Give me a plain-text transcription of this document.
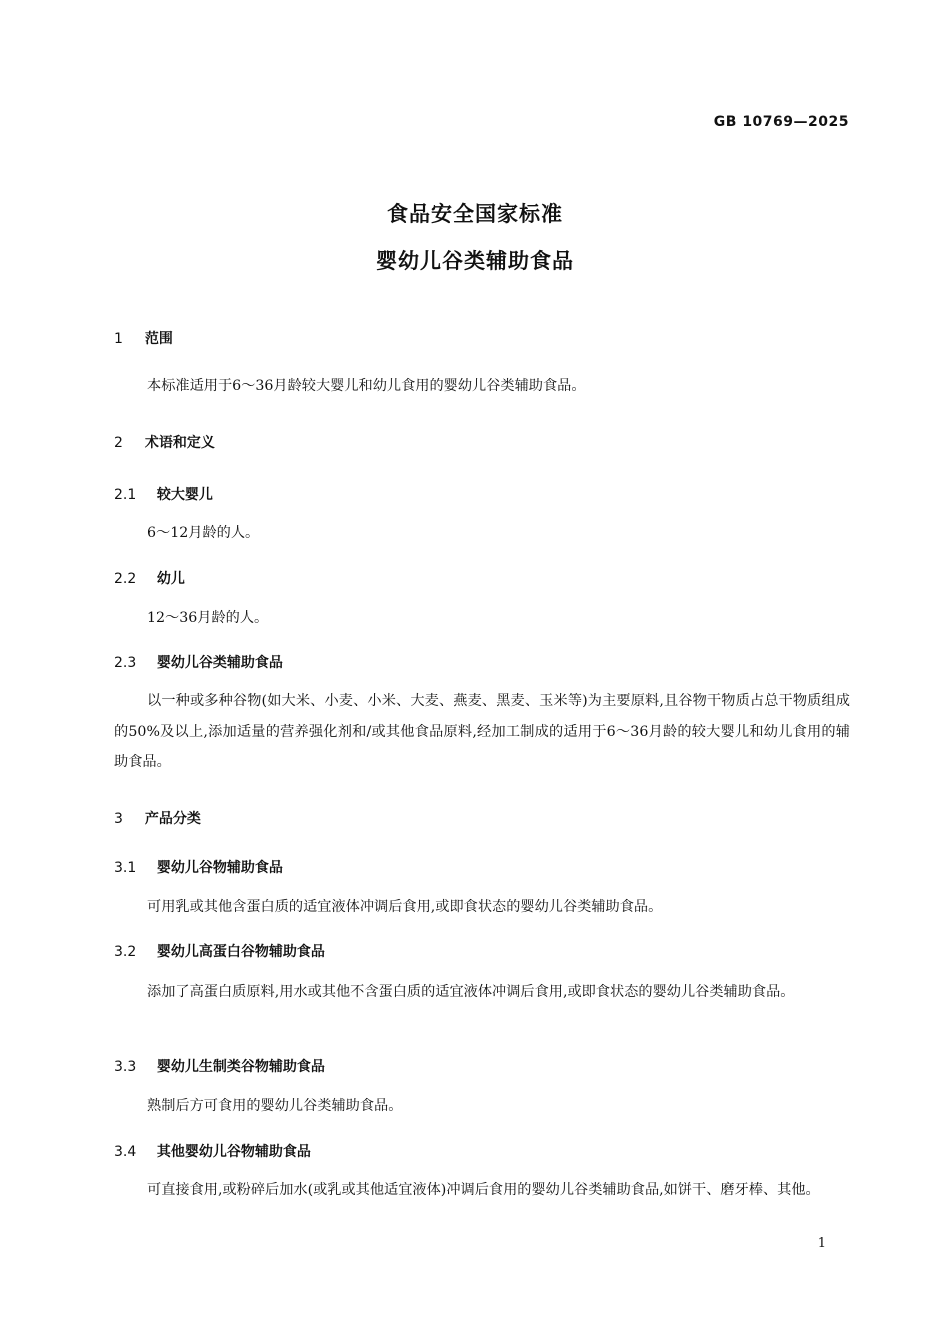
GB 10769—2025
食品安全国家标准
婴幼儿谷类辅助食品
1 范围
本标准适用于6～36月龄较大婴儿和幼儿食用的婴幼儿谷类辅助食品。
2 术语和定义
2.1 较大婴儿
6～12月龄的人。
2.2 幼儿
12～36月龄的人。
2.3 婴幼儿谷类辅助食品
以一种或多种谷物(如大米、小麦、小米、大麦、燕麦、黑麦、玉米等)为主要原料,且谷物干物质占总干物质组成的50%及以上,添加适量的营养强化剂和/或其他食品原料,经加工制成的适用于6～36月龄的较大婴儿和幼儿食用的辅助食品。
3 产品分类
3.1 婴幼儿谷物辅助食品
可用乳或其他含蛋白质的适宜液体冲调后食用,或即食状态的婴幼儿谷类辅助食品。
3.2 婴幼儿高蛋白谷物辅助食品
添加了高蛋白质原料,用水或其他不含蛋白质的适宜液体冲调后食用,或即食状态的婴幼儿谷类辅助食品。
3.3 婴幼儿生制类谷物辅助食品
熟制后方可食用的婴幼儿谷类辅助食品。
3.4 其他婴幼儿谷物辅助食品
可直接食用,或粉碎后加水(或乳或其他适宜液体)冲调后食用的婴幼儿谷类辅助食品,如饼干、磨牙棒、其他。
1
